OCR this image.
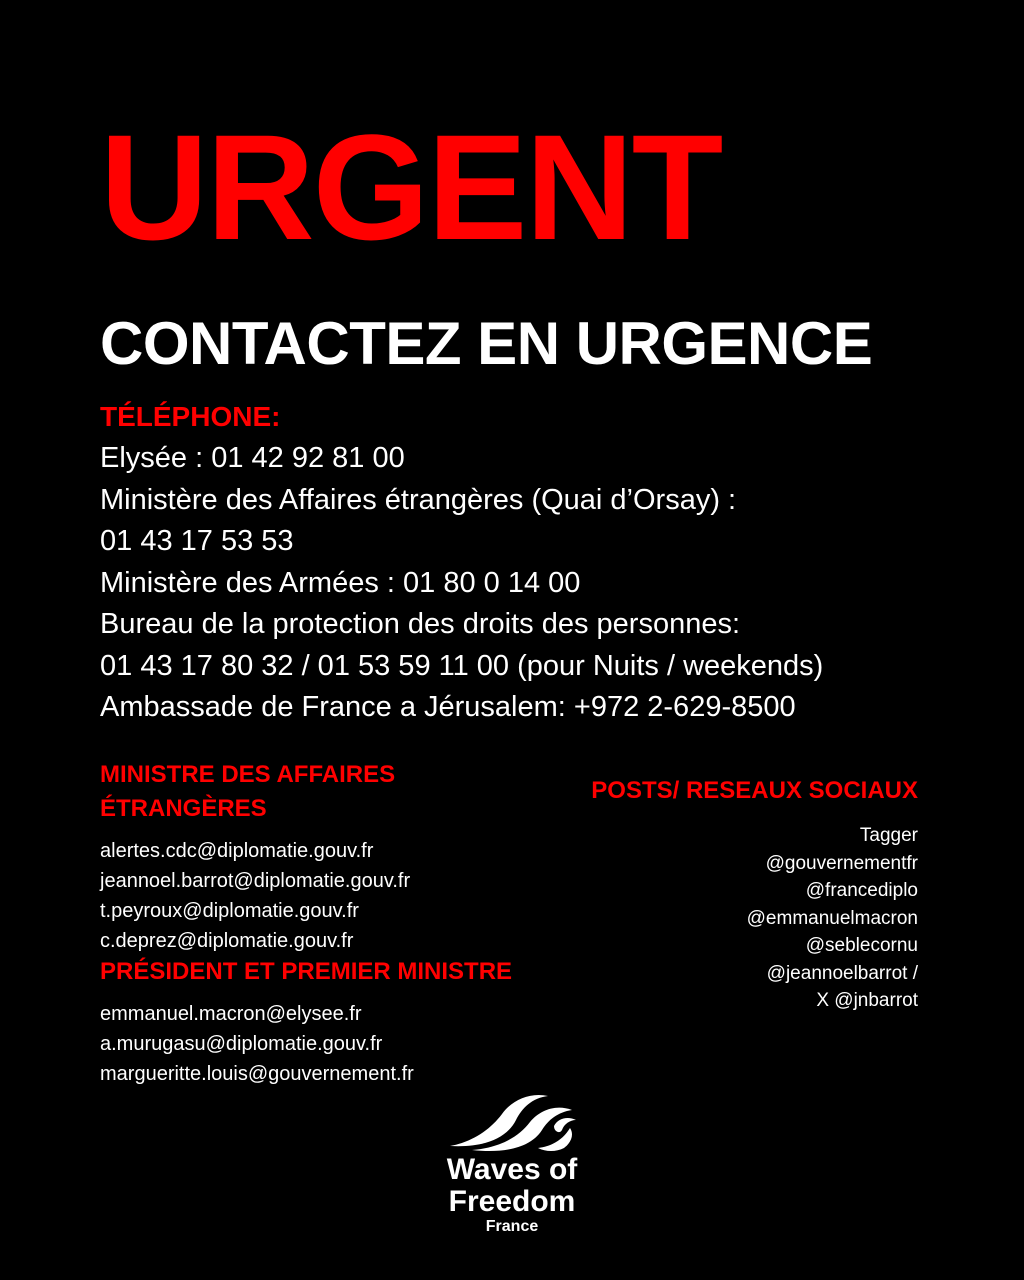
URGENT
CONTACTEZ EN URGENCE
TÉLÉPHONE:
Elysée : 01 42 92 81 00
Ministère des Affaires étrangères (Quai d’Orsay) :
01 43 17 53 53
Ministère des Armées : 01 80 0 14 00
Bureau de la protection des droits des personnes:
01 43 17 80 32 / 01 53 59 11 00 (pour Nuits / weekends)
Ambassade de France a Jérusalem: +972 2-629-8500
MINISTRE DES AFFAIRES
ÉTRANGÈRES
alertes.cdc@diplomatie.gouv.fr
jeannoel.barrot@diplomatie.gouv.fr
t.peyroux@diplomatie.gouv.fr
c.deprez@diplomatie.gouv.fr
PRÉSIDENT ET PREMIER MINISTRE
emmanuel.macron@elysee.fr
a.murugasu@diplomatie.gouv.fr
margueritte.louis@gouvernement.fr
POSTS/ RESEAUX SOCIAUX
Tagger
@gouvernementfr
@francediplo
@emmanuelmacron
@seblecornu
@jeannoelbarrot /
X @jnbarrot
Waves of
Freedom
France
